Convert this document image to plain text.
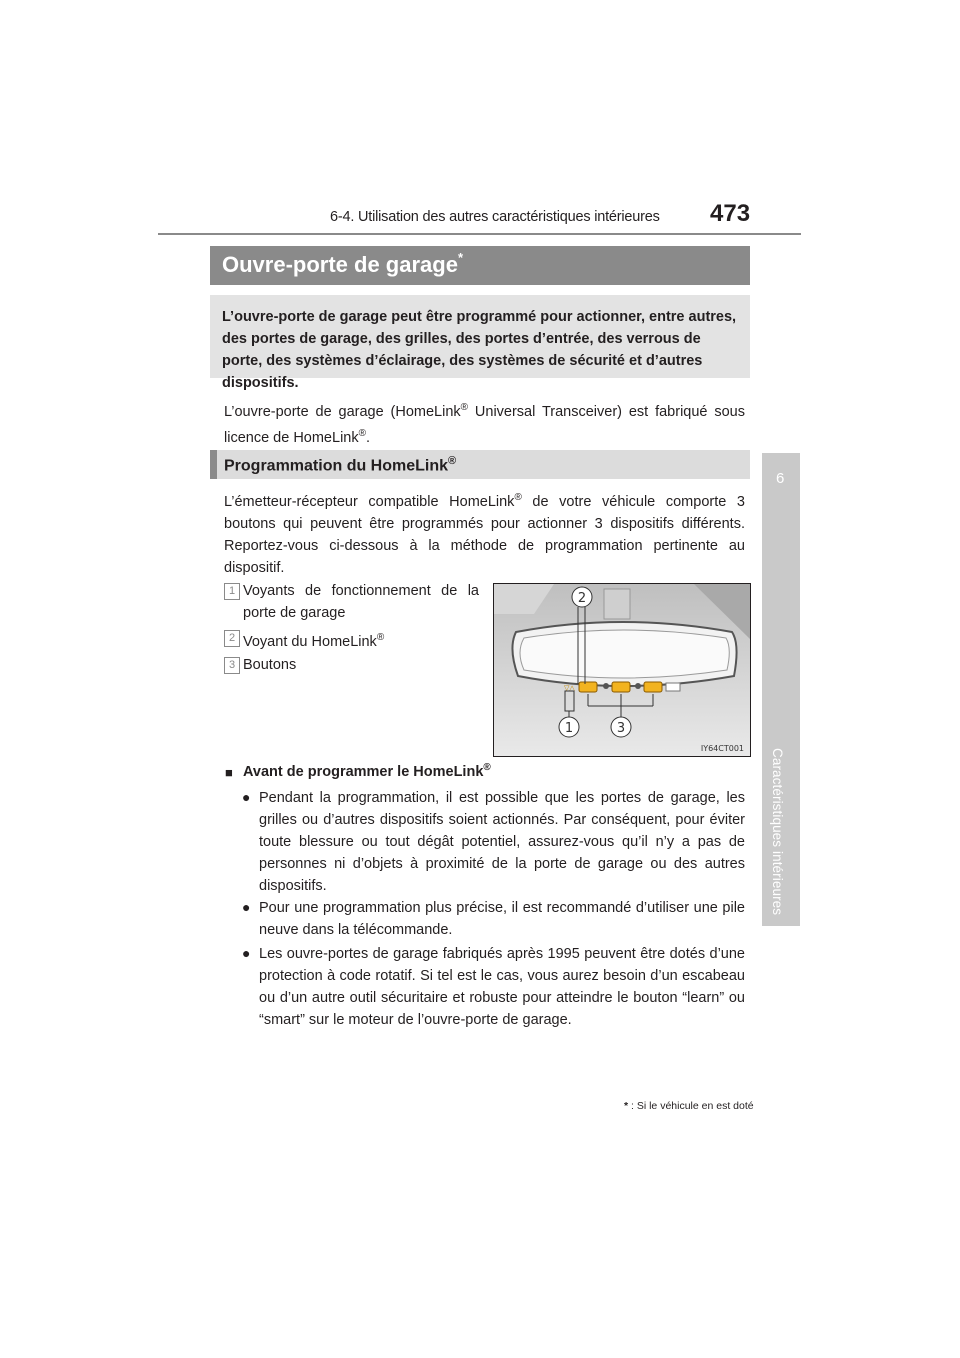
6-4. Utilisation des autres caractéristiques intérieures 473
6
Caractéristiques intérieures
Ouvre-porte de garage*
L’ouvre-porte de garage peut être programmé pour actionner, entre autres, des portes de garage, des grilles, des portes d’entrée, des verrous de porte, des systèmes d’éclairage, des systèmes de sécurité et d’autres dispositifs.
L’ouvre-porte de garage (HomeLink® Universal Transceiver) est fabriqué sous licence de HomeLink®.
Programmation du HomeLink®
L’émetteur-récepteur compatible HomeLink® de votre véhicule comporte 3 boutons qui peuvent être programmés pour actionner 3 dispositifs différents. Reportez-vous ci-dessous à la méthode de programmation pertinente au dispositif.
1 Voyants de fonctionnement de la porte de garage
2 Voyant du HomeLink®
3 Boutons
▽△
1
2
3
IY64CT001
■ Avant de programmer le HomeLink®
● Pendant la programmation, il est possible que les portes de garage, les grilles ou d’autres dispositifs soient actionnés. Par conséquent, pour éviter toute blessure ou tout dégât potentiel, assurez-vous qu’il n’y a pas de personnes ni d’objets à proximité de la porte de garage ou des autres dispositifs.
● Pour une programmation plus précise, il est recommandé d’utiliser une pile neuve dans la télécommande.
● Les ouvre-portes de garage fabriqués après 1995 peuvent être dotés d’une protection à code rotatif. Si tel est le cas, vous aurez besoin d’un escabeau ou d’un autre outil sécuritaire et robuste pour atteindre le bouton “learn” ou “smart” sur le moteur de l’ouvre-porte de garage.
* : Si le véhicule en est doté
